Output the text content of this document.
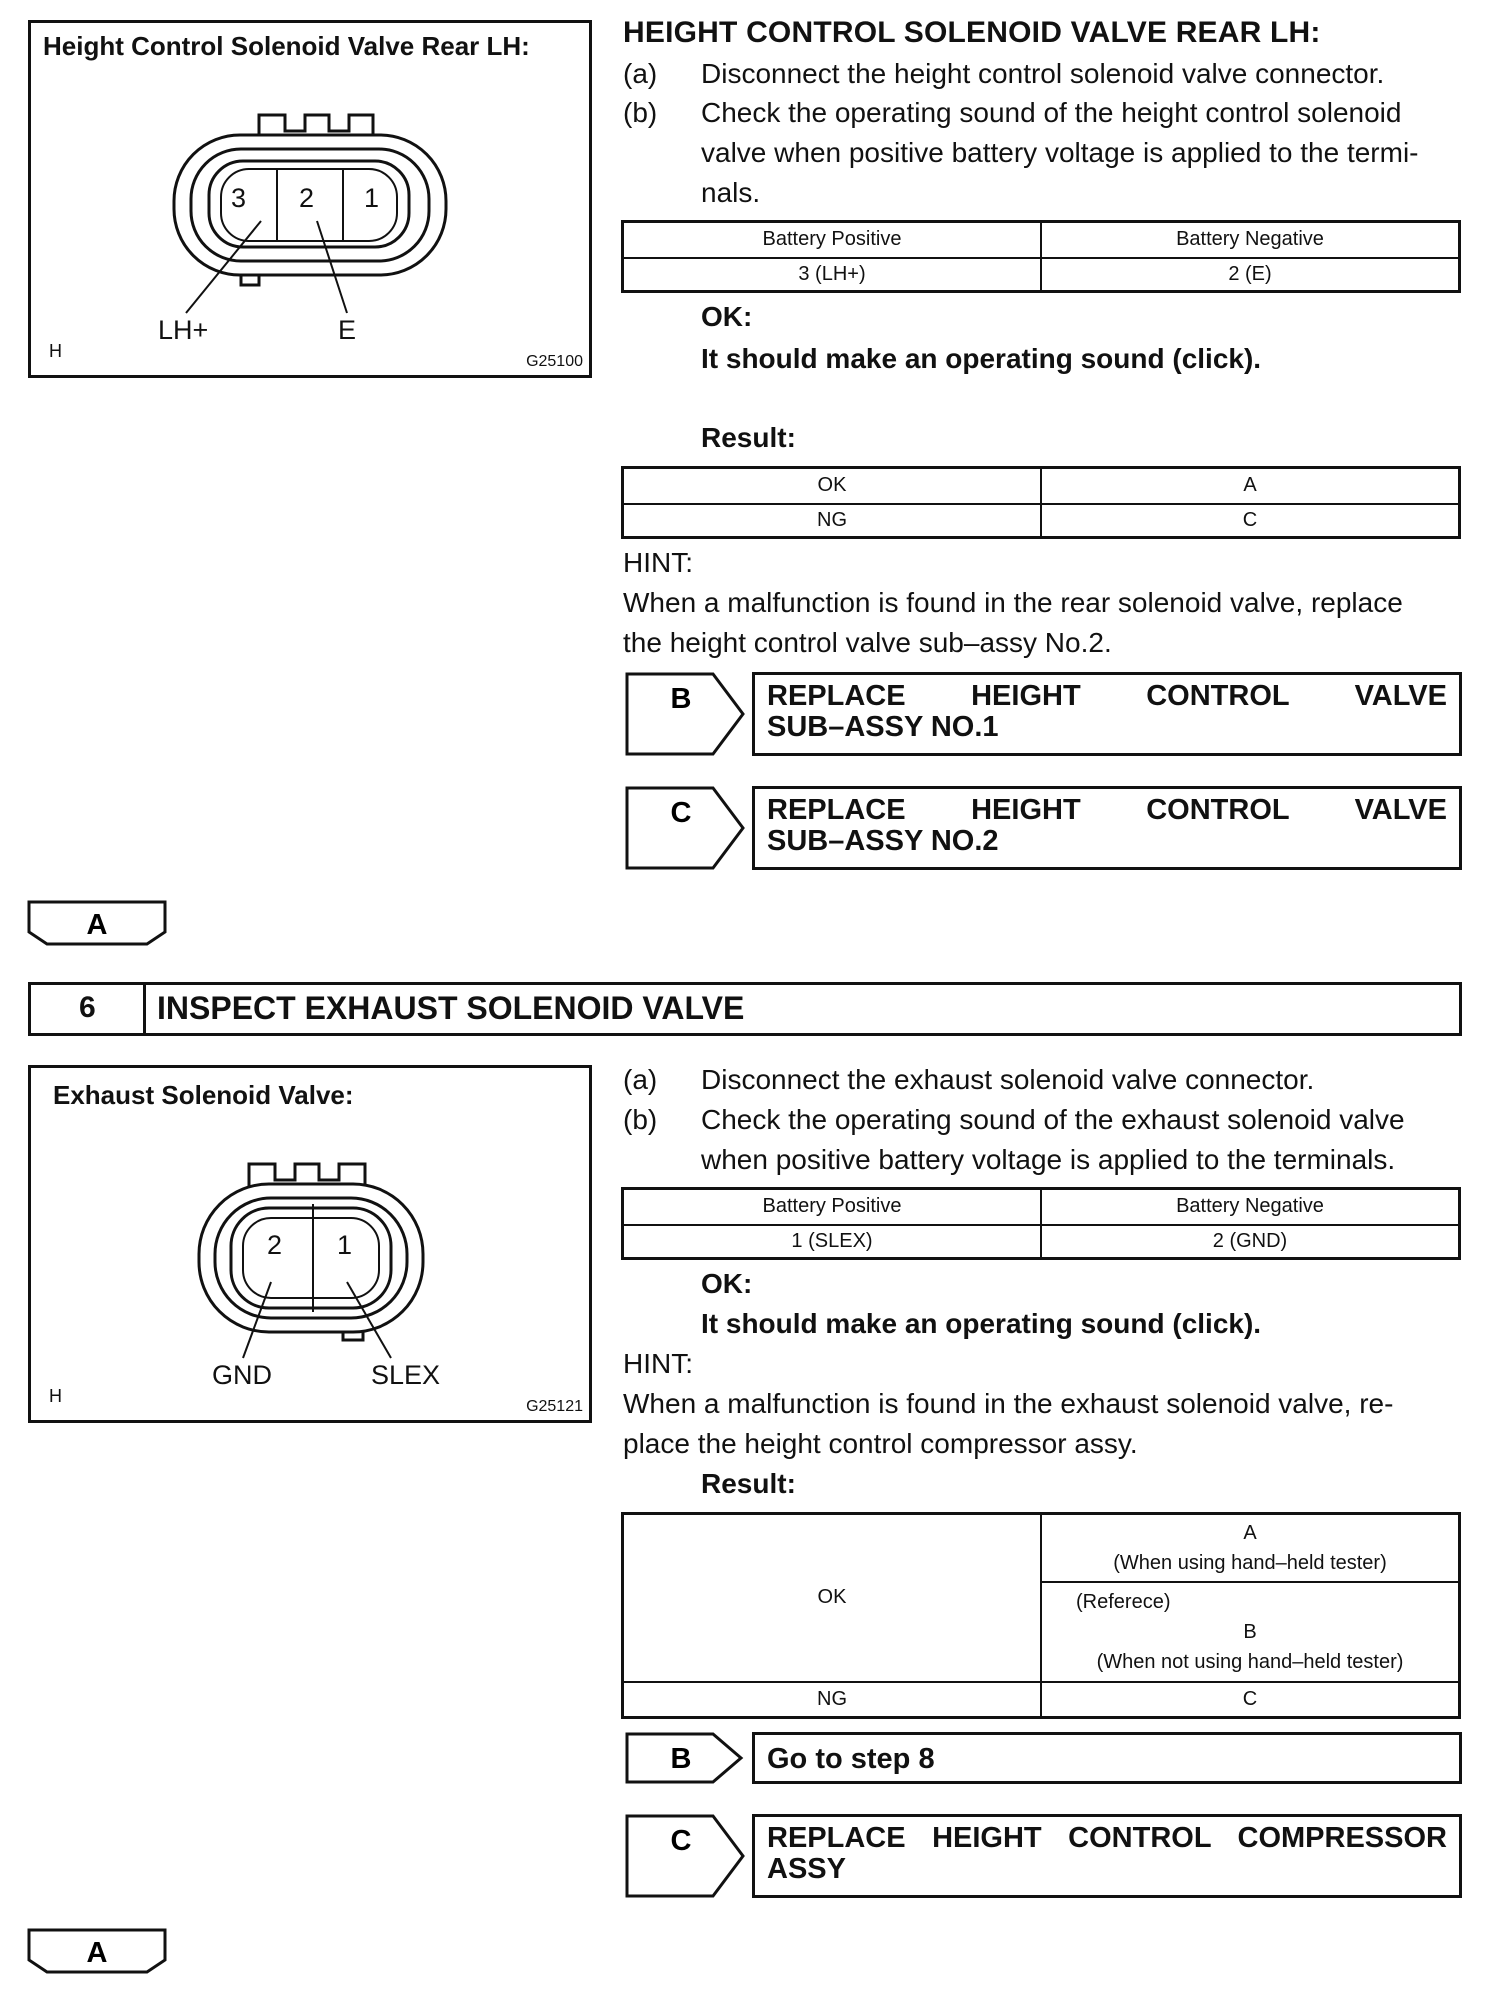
Height Control Solenoid Valve Rear LH:
3 2 1
LH+	E
H
G25100
HEIGHT CONTROL SOLENOID VALVE REAR LH:
(a) Disconnect the height control solenoid valve connector.
(b) Check the operating sound of the height control solenoid
valve when positive battery voltage is applied to the termi-
nals.
Battery Positive	Battery Negative
3 (LH+)	2 (E)
OK:
It should make an operating sound (click).
Result:
OK	A
NG	C
HINT:
When a malfunction is found in the rear solenoid valve, replace
the height control valve sub–assy No.2.
B	REPLACE HEIGHT CONTROL VALVE
SUB–ASSY NO.1
C	REPLACE HEIGHT CONTROL VALVE
SUB–ASSY NO.2
A
6 INSPECT EXHAUST SOLENOID VALVE
Exhaust Solenoid Valve:
2 1
GND	SLEX
H
G25121
(a) Disconnect the exhaust solenoid valve connector.
(b) Check the operating sound of the exhaust solenoid valve
when positive battery voltage is applied to the terminals.
Battery Positive	Battery Negative
1 (SLEX)	2 (GND)
OK:
It should make an operating sound (click).
HINT:
When a malfunction is found in the exhaust solenoid valve, re-
place the height control compressor assy.
Result:
OK	A
(When using hand–held tester)

	(Referece)
B
(When not using hand–held tester)

NG	C
B	Go to step 8
C	REPLACE HEIGHT CONTROL COMPRESSOR
ASSY
A
